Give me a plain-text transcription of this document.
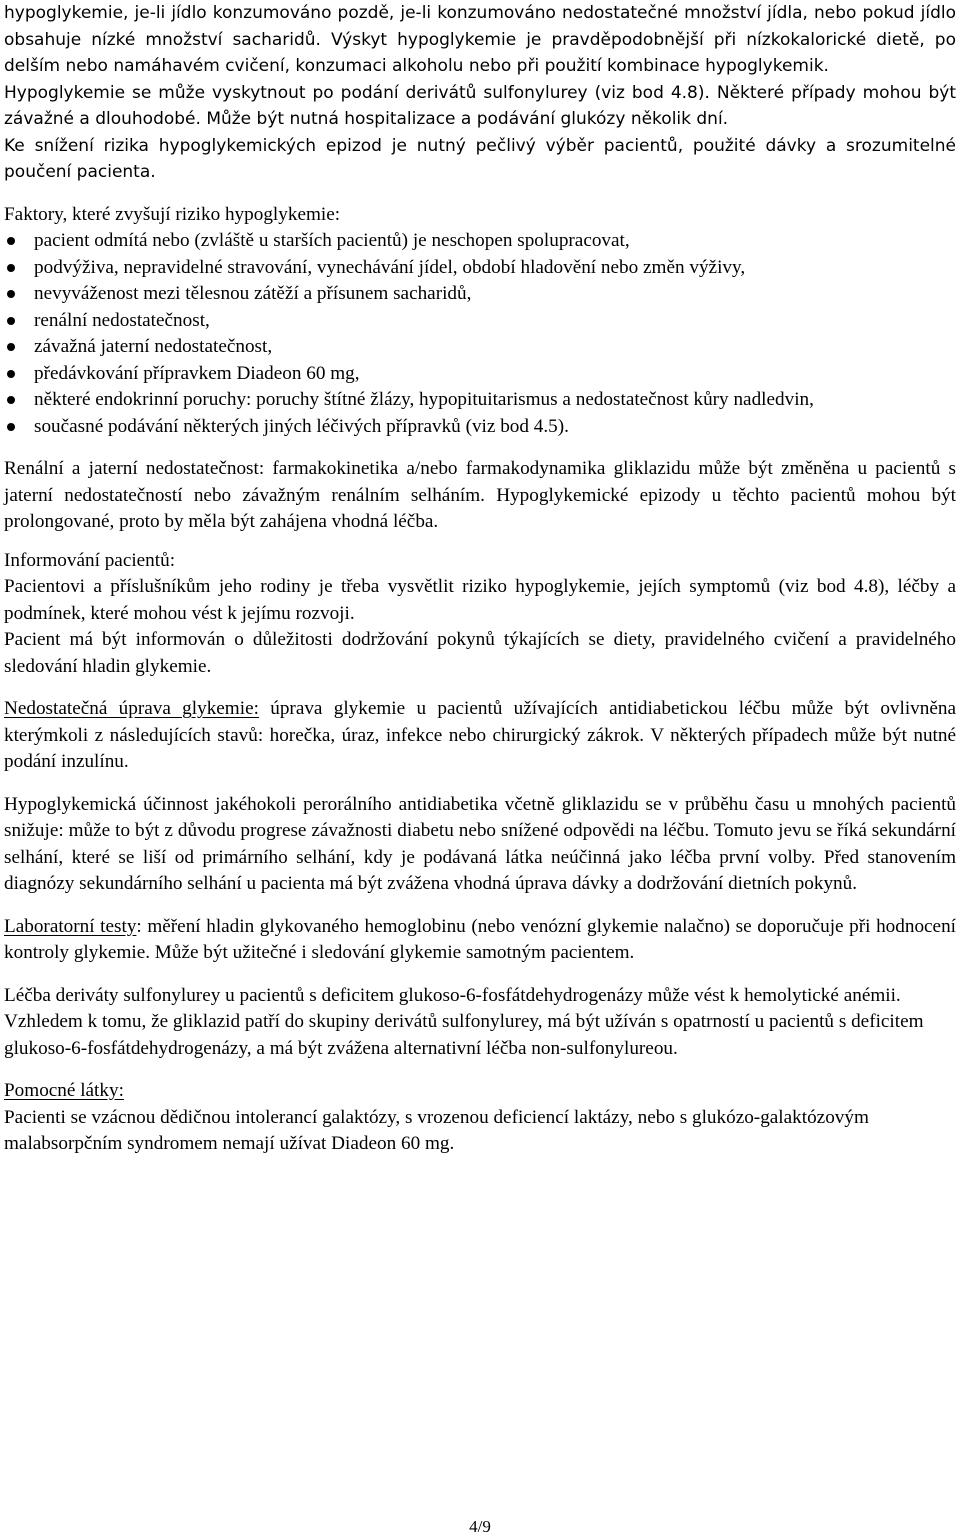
hypoglykemie, je-li jídlo konzumováno pozdě, je-li konzumováno nedostatečné množství jídla, nebo pokud jídlo obsahuje nízké množství sacharidů. Výskyt hypoglykemie je pravděpodobnější při nízkokalorické dietě, po delším nebo namáhavém cvičení, konzumaci alkoholu nebo při použití kombinace hypoglykemik.

Hypoglykemie se může vyskytnout po podání derivátů sulfonylurey (viz bod 4.8). Některé případy mohou být závažné a dlouhodobé. Může být nutná hospitalizace a podávání glukózy několik dní.

Ke snížení rizika hypoglykemických epizod je nutný pečlivý výběr pacientů, použité dávky a srozumitelné poučení pacienta.

Faktory, které zvyšují riziko hypoglykemie:

pacient odmítá nebo (zvláště u starších pacientů) je neschopen spolupracovat,
podvýživa, nepravidelné stravování, vynechávání jídel, období hladovění nebo změn výživy,
nevyváženost mezi tělesnou zátěží a přísunem sacharidů,
renální nedostatečnost,
závažná jaterní nedostatečnost,
předávkování přípravkem Diadeon 60 mg,
některé endokrinní poruchy: poruchy štítné žlázy, hypopituitarismus a nedostatečnost kůry nadledvin,
současné podávání některých jiných léčivých přípravků (viz bod 4.5).

Renální a jaterní nedostatečnost: farmakokinetika a/nebo farmakodynamika gliklazidu může být změněna u pacientů s jaterní nedostatečností nebo závažným renálním selháním. Hypoglykemické epizody u těchto pacientů mohou být prolongované, proto by měla být zahájena vhodná léčba.

Informování pacientů:

Pacientovi a příslušníkům jeho rodiny je třeba vysvětlit riziko hypoglykemie, jejích symptomů (viz bod 4.8), léčby a podmínek, které mohou vést k jejímu rozvoji.

Pacient má být informován o důležitosti dodržování pokynů týkajících se diety, pravidelného cvičení a pravidelného sledování hladin glykemie.

Nedostatečná úprava glykemie: úprava glykemie u pacientů užívajících antidiabetickou léčbu může být ovlivněna kterýmkoli z následujících stavů: horečka, úraz, infekce nebo chirurgický zákrok. V některých případech může být nutné podání inzulínu.

Hypoglykemická účinnost jakéhokoli perorálního antidiabetika včetně gliklazidu se v průběhu času u mnohých pacientů snižuje: může to být z důvodu progrese závažnosti diabetu nebo snížené odpovědi na léčbu. Tomuto jevu se říká sekundární selhání, které se liší od primárního selhání, kdy je podávaná látka neúčinná jako léčba první volby. Před stanovením diagnózy sekundárního selhání u pacienta má být zvážena vhodná úprava dávky a dodržování dietních pokynů.

Laboratorní testy: měření hladin glykovaného hemoglobinu (nebo venózní glykemie nalačno) se doporučuje při hodnocení kontroly glykemie. Může být užitečné i sledování glykemie samotným pacientem.

Léčba deriváty sulfonylurey u pacientů s deficitem glukoso-6-fosfátdehydrogenázy může vést k hemolytické anémii. Vzhledem k tomu, že gliklazid patří do skupiny derivátů sulfonylurey, má být užíván s opatrností u pacientů s deficitem glukoso-6-fosfátdehydrogenázy, a má být zvážena alternativní léčba non-sulfonylureou.

Pomocné látky:

Pacienti se vzácnou dědičnou intolerancí galaktózy, s vrozenou deficiencí laktázy, nebo s glukózo-galaktózovým malabsorpčním syndromem nemají užívat Diadeon 60 mg.

4/9
